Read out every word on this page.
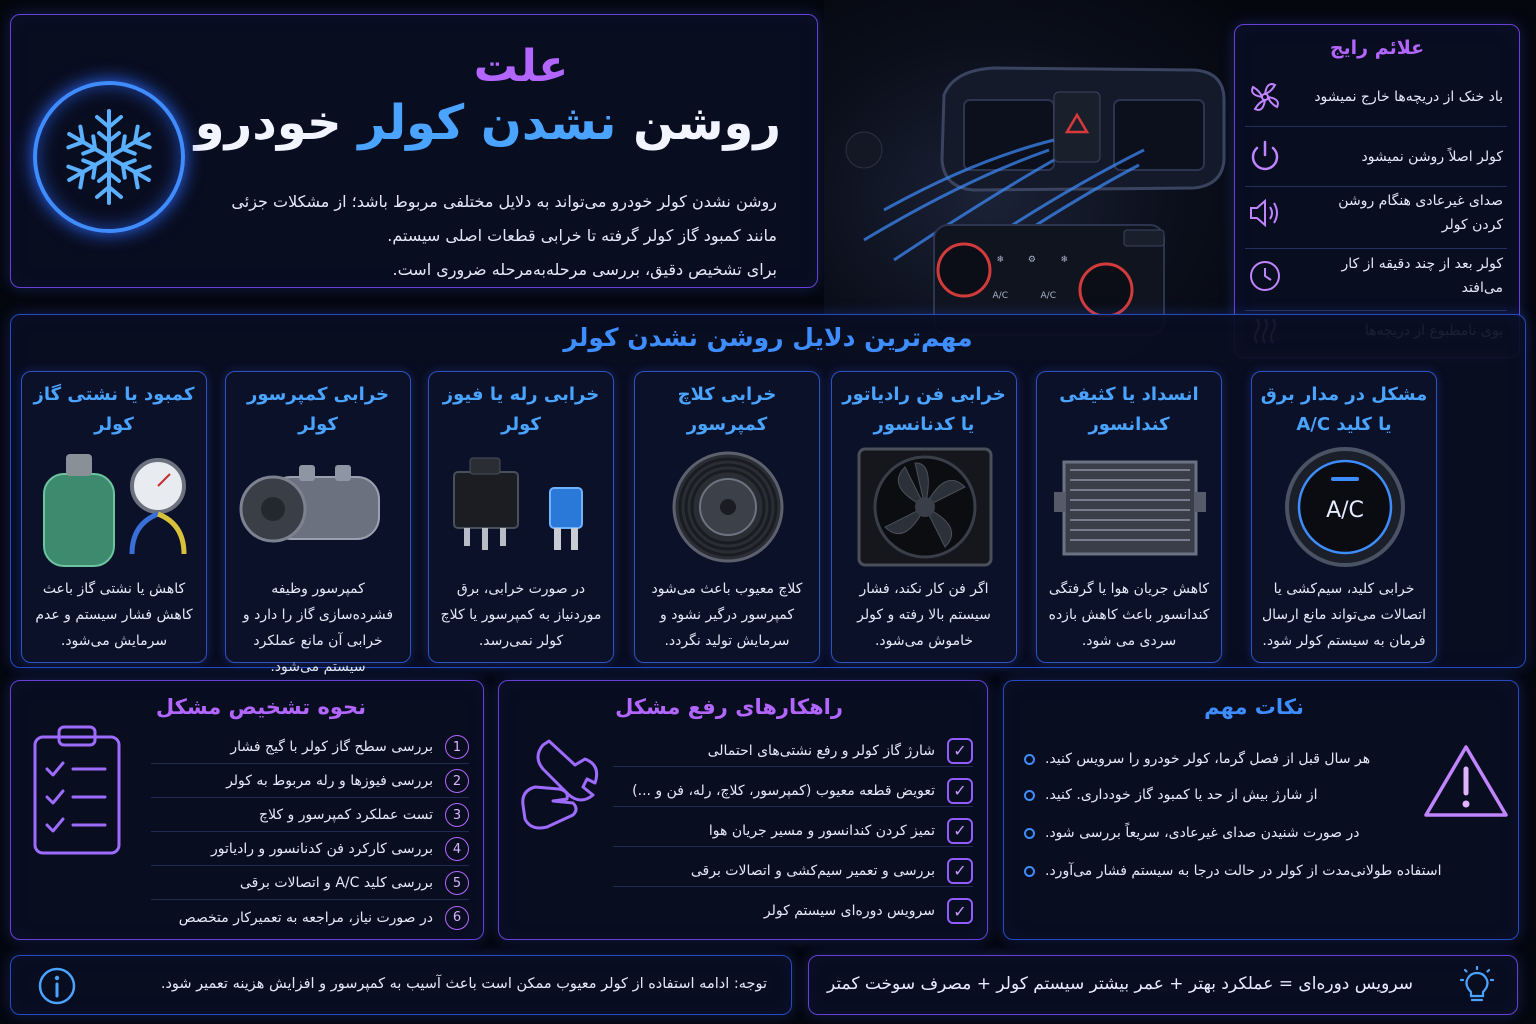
علت
روشن نشدن کولر خودرو
روشن نشدن کولر خودرو می‌تواند به دلایل مختلفی مربوط باشد؛ از مشکلات جزئی
مانند کمبود گاز کولر گرفته تا خرابی قطعات اصلی سیستم.
برای تشخیص دقیق، بررسی مرحله‌به‌مرحله ضروری است.	❄	⚙	❄
A/C	A/C
علائم رایج
باد خنک از دریچه‌ها خارج نمیشود
کولر اصلاً روشن نمیشود
صدای غیرعادی هنگام روشن کردن کولر
کولر بعد از چند دقیقه از کار می‌افتد
مهم‌ترین دلایل روشن نشدن کولر
مشکل در مدار برق یا کلید A/C
A/C
خرابی کلید، سیم‌کشی یا اتصالات می‌تواند مانع ارسال فرمان به سیستم کولر شود.
انسداد یا کثیفی کندانسور
کاهش جریان هوا یا گرفتگی کندانسور باعث کاهش بازده سردی می شود.
خرابی فن رادیاتور یا کدنانسور
اگر فن کار نکند، فشار سیستم بالا رفته و کولر خاموش می‌شود.
خرابی کلاچ کمپرسور
کلاچ معیوب باعث می‌شود کمپرسور درگیر نشود و سرمایش تولید نگردد.
خرابی رله یا فیوز کولر
در صورت خرابی، برق موردنیاز به کمپرسور یا کلاچ کولر نمی‌رسد.
خرابی کمپرسور کولر
کمپرسور وظیفه فشرده‌سازی گاز را دارد و خرابی آن مانع عملکرد سیستم می‌شود.
کمبود یا نشتی گاز کولر
کاهش یا نشتی گاز باعث کاهش فشار سیستم و عدم سرمایش می‌شود.
نکات مهم
هر سال قبل از فصل گرما، کولر خودرو را سرویس کنید.
از شارژ بیش از حد یا کمبود گاز خودداری. کنید.
در صورت شنیدن صدای غیرعادی، سریعاً بررسی شود.
استفاده طولانی‌مدت از کولر در حالت درجا به سیستم فشار می‌آورد.
راهکارهای رفع مشکل
✓
شارژ گاز کولر و رفع نشتی‌های احتمالی
✓
تعویض قطعه معیوب (کمپرسور، کلاچ، رله، فن و ...)
✓
تمیز کردن کندانسور و مسیر جریان هوا
✓
بررسی و تعمیر سیم‌کشی و اتصالات برقی
✓
سرویس دوره‌ای سیستم کولر
نحوه تشخیص مشکل
1
بررسی سطح گاز کولر با گیج فشار
2
بررسی فیوزها و رله مربوط به کولر
3
تست عملکرد کمپرسور و کلاچ
4
بررسی کارکرد فن کدنانسور و رادیاتور
5
بررسی کلید A/C و اتصالات برقی
6
در صورت نیاز، مراجعه به تعمیرکار متخصص
سرویس دوره‌ای = عملکرد بهتر + عمر بیشتر سیستم کولر + مصرف سوخت کمتر
توجه: ادامه استفاده از کولر معیوب ممکن است باعث آسیب به کمپرسور و افزایش هزینه تعمیر شود.
